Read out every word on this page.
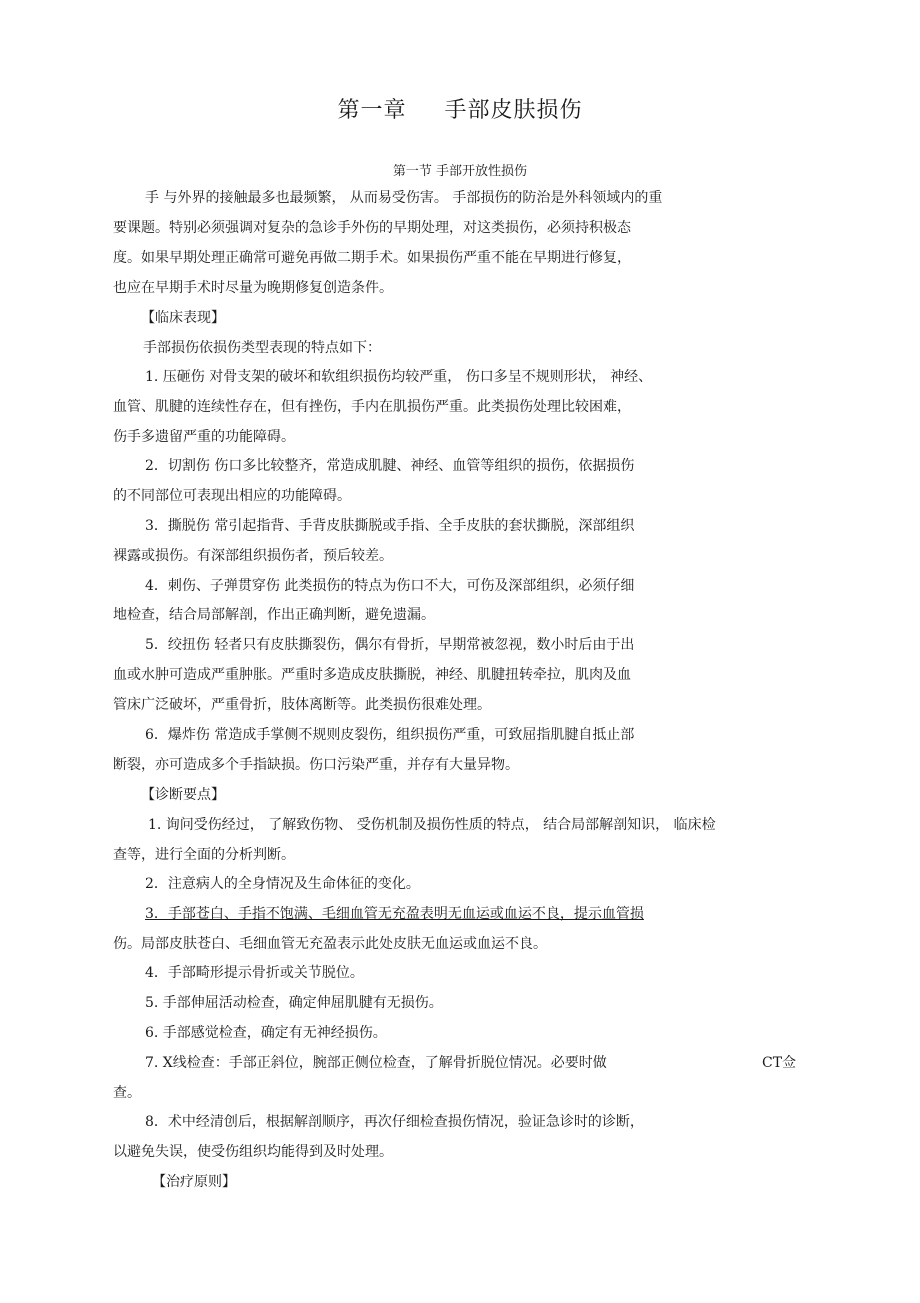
第一章 手部皮肤损伤
第一节 手部开放性损伤
手 与外界的接触最多也最频繁， 从而易受伤害。 手部损伤的防治是外科领域内的重
要课题。特别必须强调对复杂的急诊手外伤的早期处理，对这类损伤，必须持积极态
度。如果早期处理正确常可避免再做二期手术。如果损伤严重不能在早期进行修复，
也应在早期手术时尽量为晚期修复创造条件。
【临床表现】
手部损伤依损伤类型表现的特点如下：
1. 压砸伤 对骨支架的破坏和软组织损伤均较严重， 伤口多呈不规则形状， 神经、
血管、肌腱的连续性存在，但有挫伤，手内在肌损伤严重。此类损伤处理比较困难，
伤手多遗留严重的功能障碍。
2．切割伤 伤口多比较整齐，常造成肌腱、神经、血管等组织的损伤，依据损伤
的不同部位可表现出相应的功能障碍。
3．撕脱伤 常引起指背、手背皮肤撕脱或手指、全手皮肤的套状撕脱，深部组织
裸露或损伤。有深部组织损伤者，预后较差。
4．刺伤、子弹贯穿伤 此类损伤的特点为伤口不大，可伤及深部组织，必须仔细
地检查，结合局部解剖，作出正确判断，避免遗漏。
5．绞扭伤 轻者只有皮肤撕裂伤，偶尔有骨折，早期常被忽视，数小时后由于出
血或水肿可造成严重肿胀。严重时多造成皮肤撕脱，神经、肌腱扭转牵拉，肌肉及血
管床广泛破坏，严重骨折，肢体离断等。此类损伤很难处理。
6．爆炸伤 常造成手掌侧不规则皮裂伤，组织损伤严重，可致屈指肌腱自抵止部
断裂，亦可造成多个手指缺损。伤口污染严重，并存有大量异物。
【诊断要点】
1. 询问受伤经过， 了解致伤物、 受伤机制及损伤性质的特点， 结合局部解剖知识， 临床检
查等，进行全面的分析判断。
2．注意病人的全身情况及生命体征的变化。
3．手部苍白、手指不饱满、毛细血管无充盈表明无血运或血运不良，提示血管损
伤。局部皮肤苍白、毛细血管无充盈表示此处皮肤无血运或血运不良。
4．手部畸形提示骨折或关节脱位。
5. 手部伸屈活动检查，确定伸屈肌腱有无损伤。
6. 手部感觉检查，确定有无神经损伤。
7. X线检查：手部正斜位，腕部正侧位检查，了解骨折脱位情况。必要时做	CT佥
查。
8．术中经清创后，根据解剖顺序，再次仔细检查损伤情况，验证急诊时的诊断，
以避免失误，使受伤组织均能得到及时处理。
【治疗原则】
